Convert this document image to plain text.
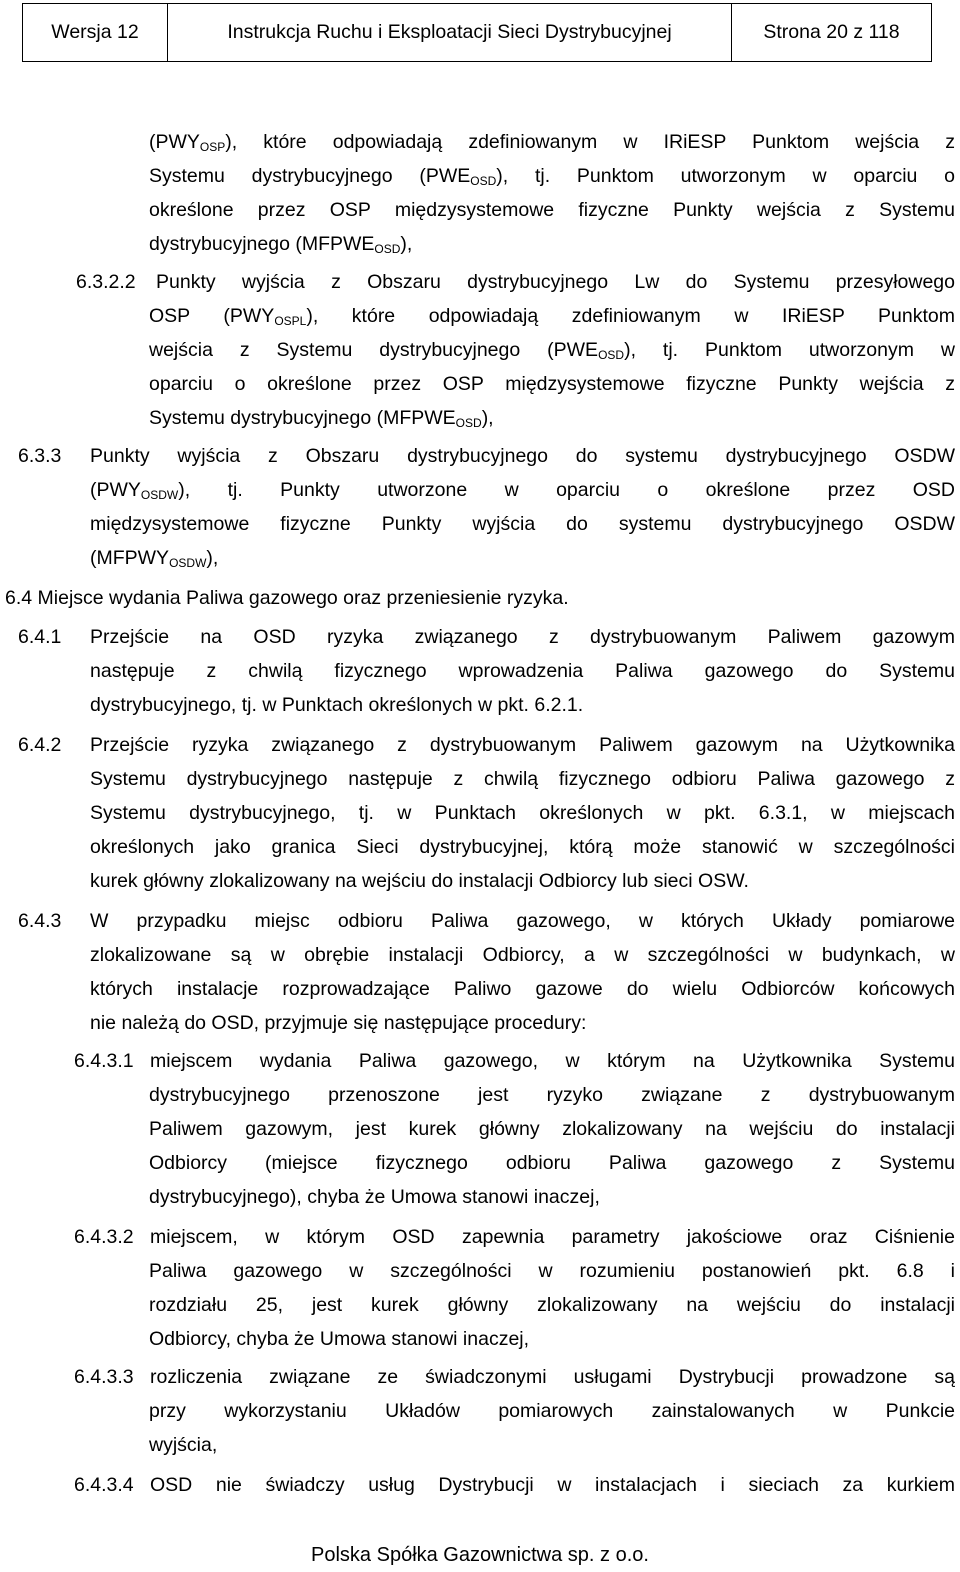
Wersja 12	Instrukcja Ruchu i Eksploatacji Sieci Dystrybucyjnej	Strona 20 z 118
(PWYOSP), które odpowiadają zdefiniowanym w IRiESP Punktom wejścia z
Systemu dystrybucyjnego (PWEOSD), tj. Punktom utworzonym w oparciu o
określone przez OSP międzysystemowe fizyczne Punkty wejścia z Systemu
dystrybucyjnego (MFPWEOSD),
6.3.2.2 Punkty wyjścia z Obszaru dystrybucyjnego Lw do Systemu przesyłowego
OSP (PWYOSPL), które odpowiadają zdefiniowanym w IRiESP Punktom
wejścia z Systemu dystrybucyjnego (PWEOSD), tj. Punktom utworzonym w
oparciu o określone przez OSP międzysystemowe fizyczne Punkty wejścia z
Systemu dystrybucyjnego (MFPWEOSD),
6.3.3 Punkty wyjścia z Obszaru dystrybucyjnego do systemu dystrybucyjnego OSDW
(PWYOSDW), tj. Punkty utworzone w oparciu o określone przez OSD
międzysystemowe fizyczne Punkty wyjścia do systemu dystrybucyjnego OSDW
(MFPWYOSDW),
6.4 Miejsce wydania Paliwa gazowego oraz przeniesienie ryzyka.
6.4.1 Przejście na OSD ryzyka związanego z dystrybuowanym Paliwem gazowym
następuje z chwilą fizycznego wprowadzenia Paliwa gazowego do Systemu
dystrybucyjnego, tj. w Punktach określonych w pkt. 6.2.1.
6.4.2 Przejście ryzyka związanego z dystrybuowanym Paliwem gazowym na Użytkownika
Systemu dystrybucyjnego następuje z chwilą fizycznego odbioru Paliwa gazowego z
Systemu dystrybucyjnego, tj. w Punktach określonych w pkt. 6.3.1, w miejscach
określonych jako granica Sieci dystrybucyjnej, którą może stanowić w szczególności
kurek główny zlokalizowany na wejściu do instalacji Odbiorcy lub sieci OSW.
6.4.3 W przypadku miejsc odbioru Paliwa gazowego, w których Układy pomiarowe
zlokalizowane są w obrębie instalacji Odbiorcy, a w szczególności w budynkach, w
których instalacje rozprowadzające Paliwo gazowe do wielu Odbiorców końcowych
nie należą do OSD, przyjmuje się następujące procedury:
6.4.3.1 miejscem wydania Paliwa gazowego, w którym na Użytkownika Systemu
dystrybucyjnego przenoszone jest ryzyko związane z dystrybuowanym
Paliwem gazowym, jest kurek główny zlokalizowany na wejściu do instalacji
Odbiorcy (miejsce fizycznego odbioru Paliwa gazowego z Systemu
dystrybucyjnego), chyba że Umowa stanowi inaczej,
6.4.3.2 miejscem, w którym OSD zapewnia parametry jakościowe oraz Ciśnienie
Paliwa gazowego w szczególności w rozumieniu postanowień pkt. 6.8 i
rozdziału 25, jest kurek główny zlokalizowany na wejściu do instalacji
Odbiorcy, chyba że Umowa stanowi inaczej,
6.4.3.3 rozliczenia związane ze świadczonymi usługami Dystrybucji prowadzone są
przy wykorzystaniu Układów pomiarowych zainstalowanych w Punkcie
wyjścia,
6.4.3.4 OSD nie świadczy usług Dystrybucji w instalacjach i sieciach za kurkiem
Polska Spółka Gazownictwa sp. z o.o.
